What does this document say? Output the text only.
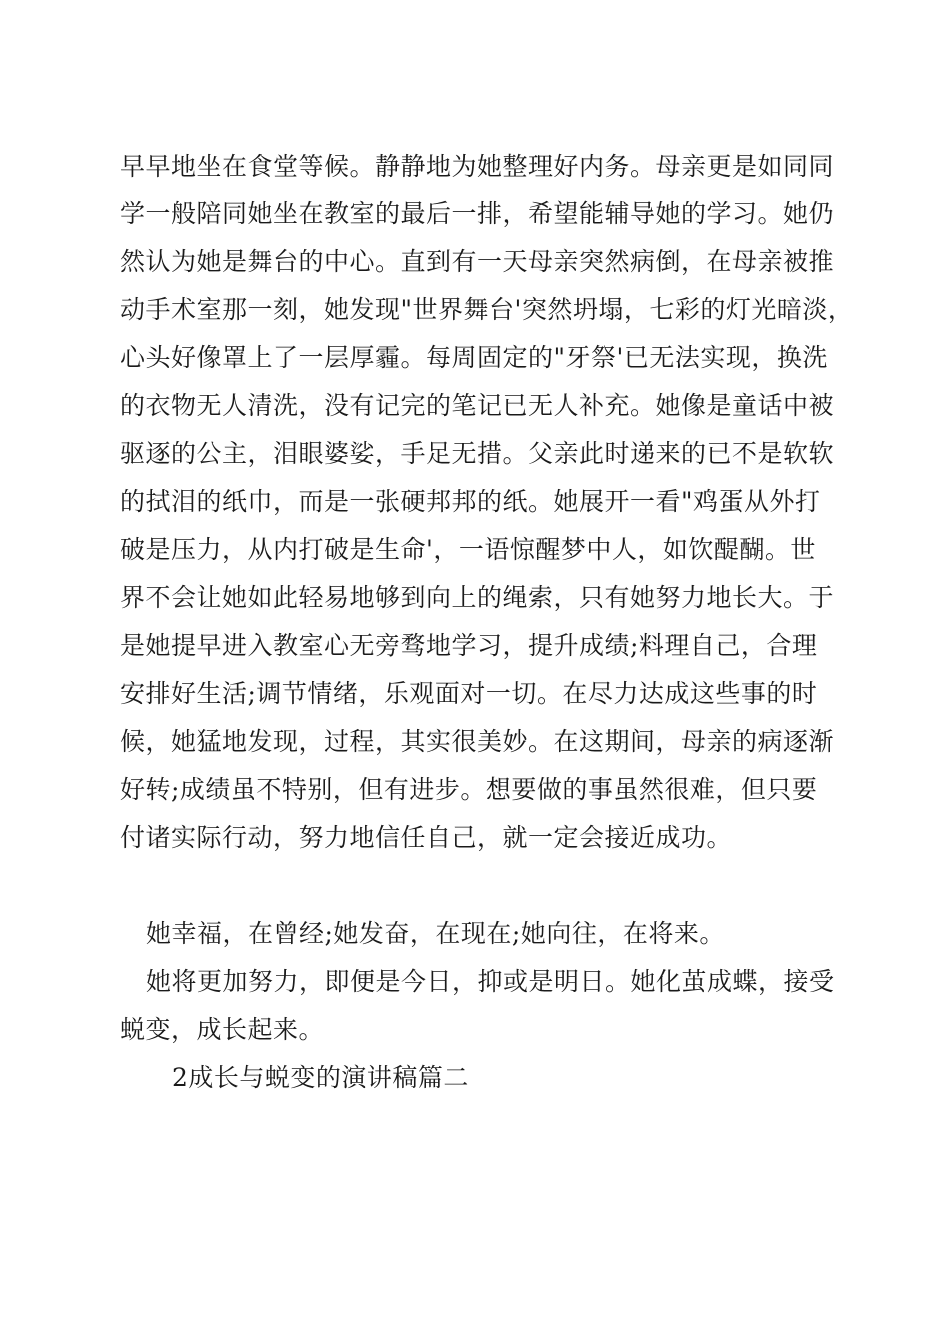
早早地坐在食堂等候。静静地为她整理好内务。母亲更是如同同
学一般陪同她坐在教室的最后一排，希望能辅导她的学习。她仍
然认为她是舞台的中心。直到有一天母亲突然病倒，在母亲被推
动手术室那一刻，她发现"世界舞台'突然坍塌，七彩的灯光暗淡，
心头好像罩上了一层厚霾。每周固定的"牙祭'已无法实现，换洗
的衣物无人清洗，没有记完的笔记已无人补充。她像是童话中被
驱逐的公主，泪眼婆娑，手足无措。父亲此时递来的已不是软软
的拭泪的纸巾，而是一张硬邦邦的纸。她展开一看"鸡蛋从外打
破是压力，从内打破是生命'，一语惊醒梦中人，如饮醍醐。世
界不会让她如此轻易地够到向上的绳索，只有她努力地长大。于
是她提早进入教室心无旁骛地学习，提升成绩;料理自己，合理
安排好生活;调节情绪，乐观面对一切。在尽力达成这些事的时
候，她猛地发现，过程，其实很美妙。在这期间，母亲的病逐渐
好转;成绩虽不特别，但有进步。想要做的事虽然很难，但只要
付诸实际行动，努力地信任自己，就一定会接近成功。
她幸福，在曾经;她发奋，在现在;她向往，在将来。
她将更加努力，即便是今日，抑或是明日。她化茧成蝶，接受
蜕变，成长起来。
2成长与蜕变的演讲稿篇二
